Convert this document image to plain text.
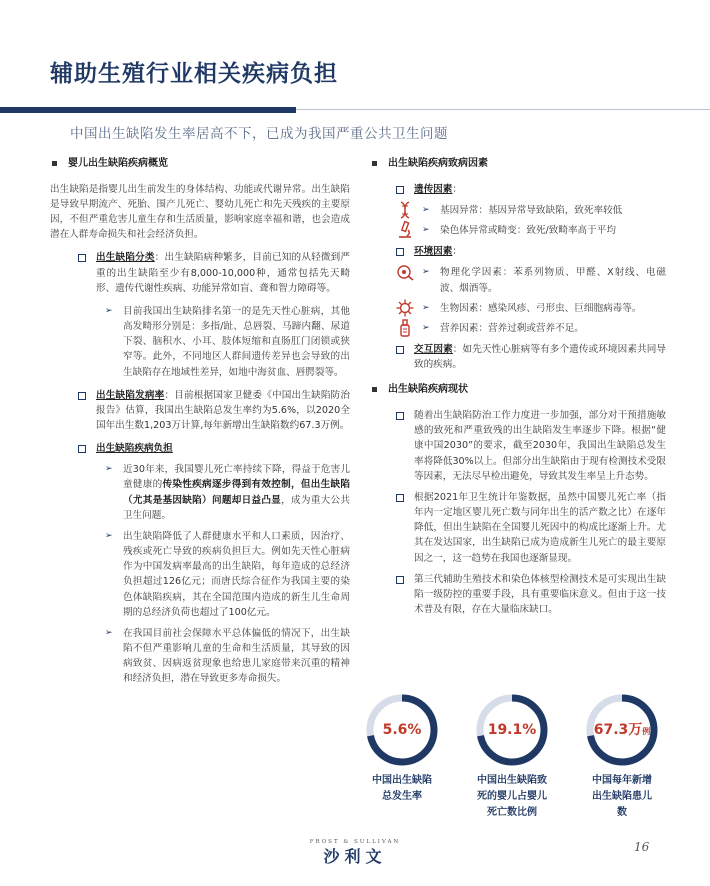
辅助生殖行业相关疾病负担
中国出生缺陷发生率居高不下，已成为我国严重公共卫生问题
婴儿出生缺陷疾病概览
出生缺陷是指婴儿出生前发生的身体结构、功能或代谢异常。出生缺陷是导致早期流产、死胎、围产儿死亡、婴幼儿死亡和先天残疾的主要原因，不但严重危害儿童生存和生活质量，影响家庭幸福和谐，也会造成潜在人群寿命损失和社会经济负担。
出生缺陷分类：出生缺陷病种繁多，目前已知的从轻微到严重的出生缺陷至少有8,000-10,000种，通常包括先天畸形、遗传代谢性疾病、功能异常如盲、聋和智力障碍等。
➢ 目前我国出生缺陷排名第一的是先天性心脏病，其他高发畸形分别是：多指/趾、总唇裂、马蹄内翻、尿道下裂、脑积水、小耳、肢体短缩和直肠肛门闭锁或狭窄等。此外，不同地区人群间遗传差异也会导致的出生缺陷存在地域性差异，如地中海贫血、唇腭裂等。
出生缺陷发病率：目前根据国家卫健委《中国出生缺陷防治报告》估算，我国出生缺陷总发生率约为5.6%，以2020全国年出生数1,203万计算,每年新增出生缺陷数约67.3万例。
出生缺陷疾病负担
➢ 近30年来，我国婴儿死亡率持续下降，得益于危害儿童健康的传染性疾病逐步得到有效控制，但出生缺陷（尤其是基因缺陷）问题却日益凸显，成为重大公共卫生问题。
➢ 出生缺陷降低了人群健康水平和人口素质，因治疗、残疾或死亡导致的疾病负担巨大。例如先天性心脏病作为中国发病率最高的出生缺陷，每年造成的总经济负担超过126亿元；而唐氏综合征作为我国主要的染色体缺陷疾病，其在全国范围内造成的新生儿生命周期的总经济负荷也超过了100亿元。
➢ 在我国目前社会保障水平总体偏低的情况下，出生缺陷不但严重影响儿童的生命和生活质量，其导致的因病致贫、因病返贫现象也给患儿家庭带来沉重的精神和经济负担，潜在导致更多寿命损失。
出生缺陷疾病致病因素
遗传因素：
➢ 基因异常：基因异常导致缺陷，致死率较低
➢ 染色体异常或畸变：致死/致畸率高于平均
环境因素：
➢ 物理化学因素：苯系列物质、甲醛、X射线、电磁波、烟酒等。
➢ 生物因素：感染风疹、弓形虫、巨细胞病毒等。
➢ 营养因素：营养过剩或营养不足。
交互因素：如先天性心脏病等有多个遗传或环境因素共同导致的疾病。
出生缺陷疾病现状
随着出生缺陷防治工作力度进一步加强，部分对干预措施敏感的致死和严重致残的出生缺陷发生率逐步下降。根据“健康中国2030”的要求，截至2030年，我国出生缺陷总发生率将降低30%以上。但部分出生缺陷由于现有检测技术受限等因素，无法尽早检出避免，导致其发生率呈上升态势。
根据2021年卫生统计年鉴数据，虽然中国婴儿死亡率（指年内一定地区婴儿死亡数与同年出生的活产数之比）在逐年降低，但出生缺陷在全国婴儿死因中的构成比逐渐上升。尤其在发达国家，出生缺陷已成为造成新生儿死亡的最主要原因之一，这一趋势在我国也逐渐显现。
第三代辅助生殖技术和染色体核型检测技术是可实现出生缺陷一级防控的重要手段，具有重要临床意义。但由于这一技术普及有限，存在大量临床缺口。
5.6%
中国出生缺陷
总发生率

19.1%
中国出生缺陷致
死的婴儿占婴儿
死亡数比例
67.3万例
中国每年新增
出生缺陷患儿
数
FROST & SULLIVAN
沙利文	16
